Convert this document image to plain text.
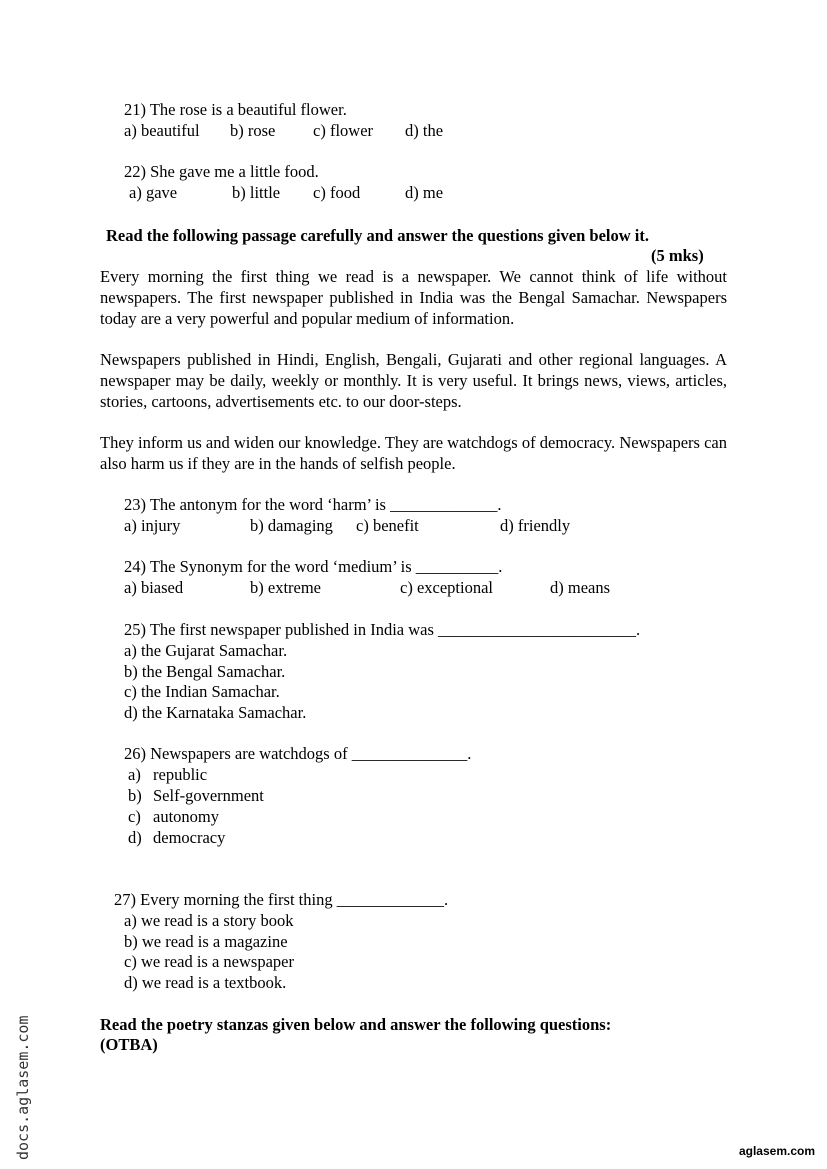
21) The rose is a beautiful flower.
a) beautiful b) rose c) flower d) the
22) She gave me a little food.
a) gave	b) little c) food	d) me
Read the following passage carefully and answer the questions given below it.
(5 mks)
Every morning the first thing we read is a newspaper. We cannot think of life without newspapers. The first newspaper published in India was the Bengal Samachar. Newspapers today are a very powerful and popular medium of information.
Newspapers published in Hindi, English, Bengali, Gujarati and other regional languages. A newspaper may be daily, weekly or monthly. It is very useful. It brings news, views, articles, stories, cartoons, advertisements etc. to our door-steps.
They inform us and widen our knowledge. They are watchdogs of democracy. Newspapers can also harm us if they are in the hands of selfish people.
23) The antonym for the word ‘harm’ is _____________.
a) injury	b) damaging c) benefit	d) friendly
24) The Synonym for the word ‘medium’ is __________.
a) biased	b) extreme	c) exceptional	d) means
25) The first newspaper published in India was ________________________.
a) the Gujarat Samachar.
b) the Bengal Samachar.
c) the Indian Samachar.
d) the Karnataka Samachar.
26) Newspapers are watchdogs of ______________.
a) republic
b) Self-government
c) autonomy
d) democracy
27) Every morning the first thing _____________.
a) we read is a story book
b) we read is a magazine
c) we read is a newspaper
d) we read is a textbook.
Read the poetry stanzas given below and answer the following questions:
(OTBA)
docs.aglasem.com	aglasem.com
